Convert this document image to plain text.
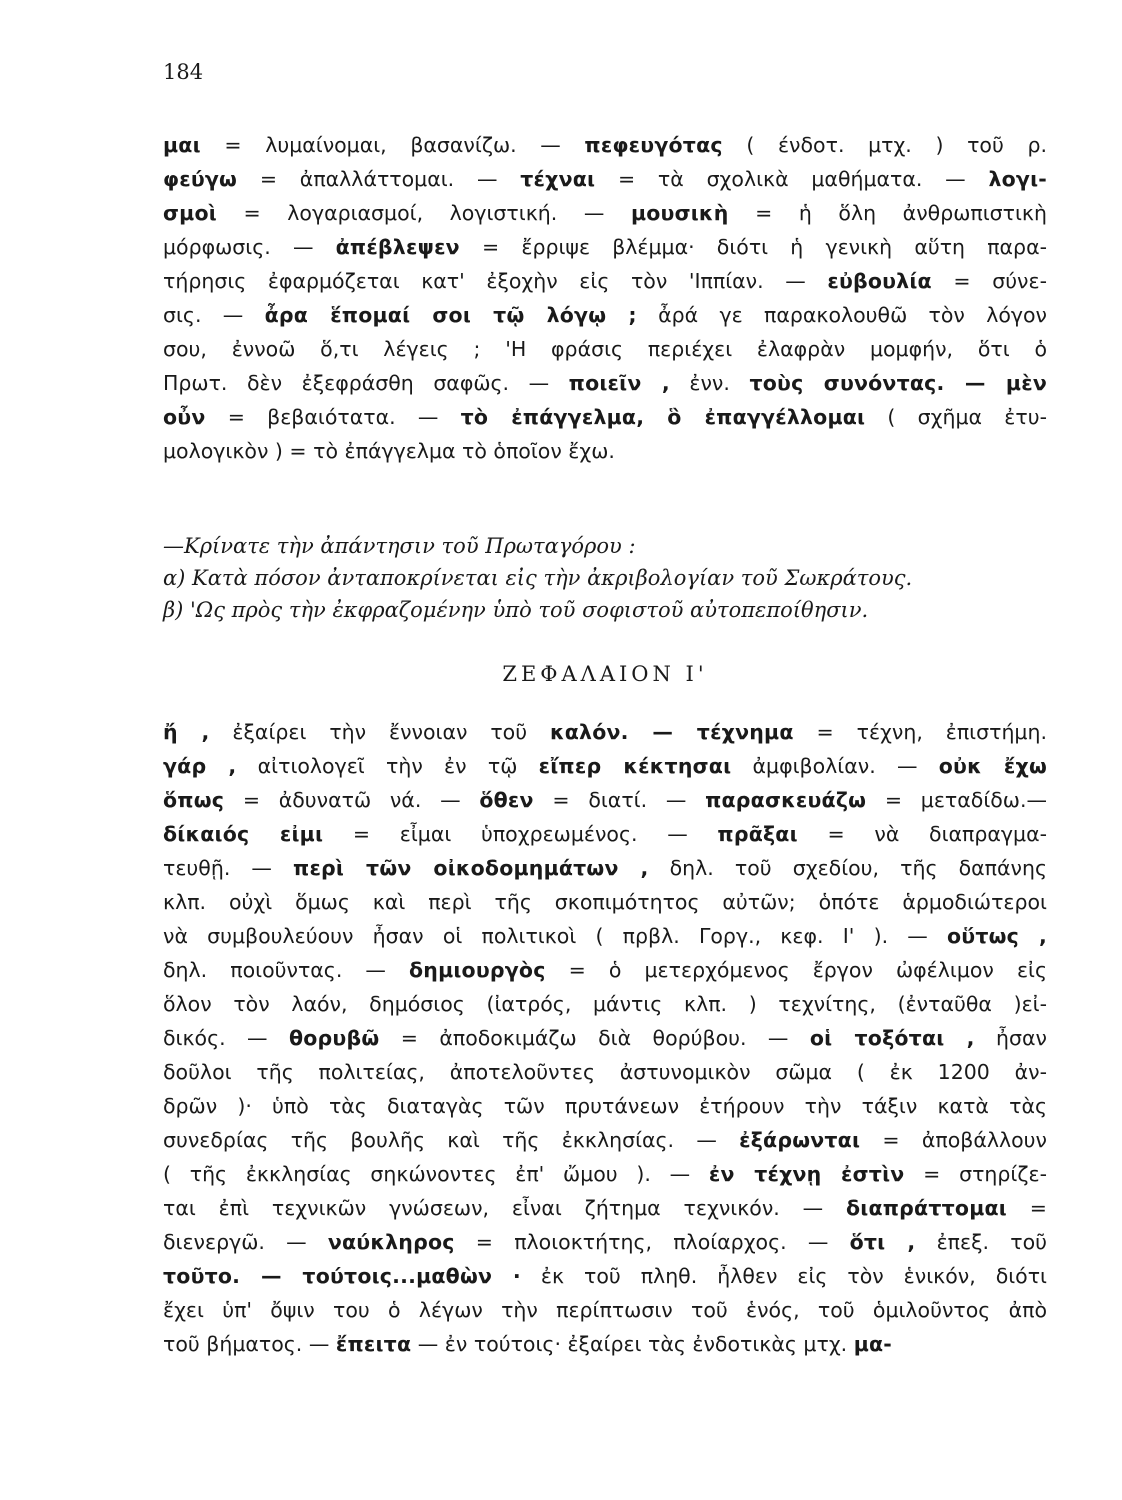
184
μαι = λυμαίνομαι, βασανίζω. — πεφευγότας ( ένδοτ. μτχ. ) τοῦ ρ.
φεύγω = ἀπαλλάττομαι. — τέχναι = τὰ σχολικὰ μαθήματα. — λογι-
σμοὶ = λογαριασμοί, λογιστική. — μουσικὴ = ἡ ὅλη ἀνθρωπιστικὴ
μόρφωσις. — ἀπέβλεψεν = ἔρριψε βλέμμα· διότι ἡ γενικὴ αὕτη παρα-
τήρησις ἐφαρμόζεται κατ' ἐξοχὴν εἰς τὸν 'Ιππίαν. — εὐβουλία = σύνε-
σις. — ἆρα ἕπομαί σοι τῷ λόγῳ ; ἆρά γε παρακολουθῶ τὸν λόγον
σου, ἐννοῶ ὅ,τι λέγεις ; 'Η φράσις περιέχει ἐλαφρὰν μομφήν, ὅτι ὁ
Πρωτ. δὲν ἐξεφράσθη σαφῶς. — ποιεῖν , ἐνν. τοὺς συνόντας. — μὲν
οὖν = βεβαιότατα. — τὸ ἐπάγγελμα, ὃ ἐπαγγέλλομαι ( σχῆμα ἐτυ-
μολογικὸν ) = τὸ ἐπάγγελμα τὸ ὁποῖον ἔχω.
—Κρίνατε τὴν ἀπάντησιν τοῦ Πρωταγόρου :
α) Κατὰ πόσον ἀνταποκρίνεται εἰς τὴν ἀκριβολογίαν τοῦ Σωκράτους.
β) 'Ως πρὸς τὴν ἐκφραζομένην ὑπὸ τοῦ σοφιστοῦ αὐτοπεποίθησιν.
ΖΕΦΑΛΑΙΟΝ Ι'
ἤ , ἐξαίρει τὴν ἔννοιαν τοῦ καλόν. — τέχνημα = τέχνη, ἐπιστήμη.
γάρ , αἰτιολογεῖ τὴν ἐν τῷ εἴπερ κέκτησαι ἀμφιβολίαν. — οὐκ ἔχω
ὅπως = ἀδυνατῶ νά. — ὅθεν = διατί. — παρασκευάζω = μεταδίδω.—
δίκαιός εἰμι = εἶμαι ὑποχρεωμένος. — πρᾶξαι = νὰ διαπραγμα-
τευθῇ. — περὶ τῶν οἰκοδομημάτων , δηλ. τοῦ σχεδίου, τῆς δαπάνης
κλπ. οὐχὶ ὅμως καὶ περὶ τῆς σκοπιμότητος αὐτῶν; ὁπότε ἁρμοδιώτεροι
νὰ συμβουλεύουν ἦσαν οἱ πολιτικοὶ ( πρβλ. Γοργ., κεφ. Ι' ). — οὕτως ,
δηλ. ποιοῦντας. — δημιουργὸς = ὁ μετερχόμενος ἔργον ὠφέλιμον εἰς
ὅλον τὸν λαόν, δημόσιος (ἰατρός, μάντις κλπ. ) τεχνίτης, (ἐνταῦθα )εἰ-
δικός. — θορυβῶ = ἀποδοκιμάζω διὰ θορύβου. — οἱ τοξόται , ἦσαν
δοῦλοι τῆς πολιτείας, ἀποτελοῦντες ἀστυνομικὸν σῶμα ( ἐκ 1200 ἀν-
δρῶν )· ὑπὸ τὰς διαταγὰς τῶν πρυτάνεων ἐτήρουν τὴν τάξιν κατὰ τὰς
συνεδρίας τῆς βουλῆς καὶ τῆς ἐκκλησίας. — ἐξάρωνται = ἀποβάλλουν
( τῆς ἐκκλησίας σηκώνοντες ἐπ' ὤμου ). — ἐν τέχνῃ ἐστὶν = στηρίζε-
ται ἐπὶ τεχνικῶν γνώσεων, εἶναι ζήτημα τεχνικόν. — διαπράττομαι =
διενεργῶ. — ναύκληρος = πλοιοκτήτης, πλοίαρχος. — ὅτι , ἐπεξ. τοῦ
τοῦτο. — τούτοις...μαθὼν · ἐκ τοῦ πληθ. ἦλθεν εἰς τὸν ἑνικόν, διότι
ἔχει ὑπ' ὄψιν του ὁ λέγων τὴν περίπτωσιν τοῦ ἑνός, τοῦ ὁμιλοῦντος ἀπὸ
τοῦ βήματος. — ἔπειτα — ἐν τούτοις· ἐξαίρει τὰς ἐνδοτικὰς μτχ. μα-
